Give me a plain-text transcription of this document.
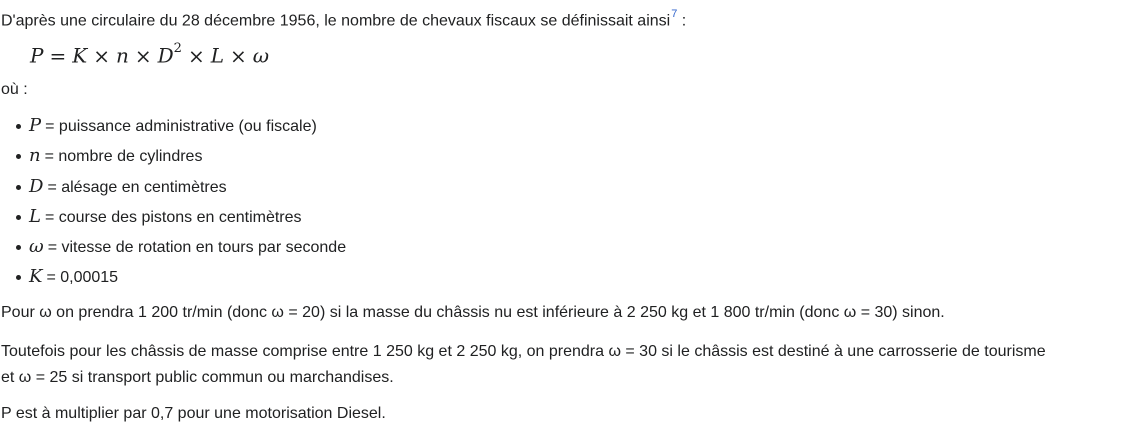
D'après une circulaire du 28 décembre 1956, le nombre de chevaux fiscaux se définissait ainsi$^7$ :
$P = K \times n \times D^2 \times L \times \omega$
où :
P = puissance administrative (ou fiscale)
n = nombre de cylindres
D = alésage en centimètres
L = course des pistons en centimètres
ω = vitesse de rotation en tours par seconde
K = 0,00015
Pour ω on prendra 1 200 tr/min (donc ω = 20) si la masse du châssis nu est inférieure à 2 250 kg et 1 800 tr/min (donc ω = 30) sinon.
Toutefois pour les châssis de masse comprise entre 1 250 kg et 2 250 kg, on prendra ω = 30 si le châssis est destiné à une carrosserie de tourisme
et ω = 25 si transport public commun ou marchandises.
P est à multiplier par 0,7 pour une motorisation Diesel.
